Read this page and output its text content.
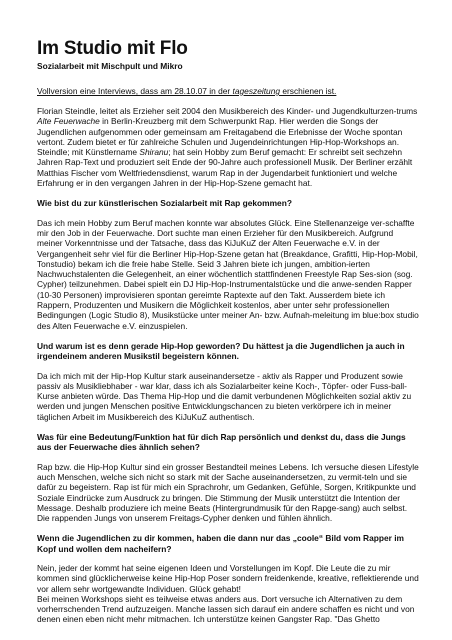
Im Studio mit Flo
Sozialarbeit mit Mischpult und Mikro
Vollversion eine Interviews, dass am 28.10.07 in der tageszeitung erschienen ist.

Florian Steindle, leitet als Erzieher seit 2004 den Musikbereich des Kinder- und Jugendkulturzen-trums Alte Feuerwache in Berlin-Kreuzberg mit dem Schwerpunkt Rap. Hier werden die Songs der Jugendlichen aufgenommen oder gemeinsam am Freitagabend die Erlebnisse der Woche spontan vertont. Zudem bietet er für zahlreiche Schulen und Jugendeinrichtungen Hip-Hop-Workshops an. Steindle; mit Künstlername Shiranu; hat sein Hobby zum Beruf gemacht: Er schreibt seit sechzehn Jahren Rap-Text und produziert seit Ende der 90-Jahre auch professionell Musik. Der Berliner erzählt Matthias Fischer vom Weltfriedensdienst, warum Rap in der Jugendarbeit funktioniert und welche Erfahrung er in den vergangen Jahren in der Hip-Hop-Szene gemacht hat.

Wie bist du zur künstlerischen Sozialarbeit mit Rap gekommen?

Das ich mein Hobby zum Beruf machen konnte war absolutes Glück. Eine Stellenanzeige ver-schaffte mir den Job in der Feuerwache. Dort suchte man einen Erzieher für den Musikbereich. Aufgrund meiner Vorkenntnisse und der Tatsache, dass das KiJuKuZ der Alten Feuerwache e.V. in der Vergangenheit sehr viel für die Berliner Hip-Hop-Szene getan hat (Breakdance, Grafitti, Hip-Hop-Mobil, Tonstudio) bekam ich die freie habe Stelle. Seid 3 Jahren biete ich jungen, ambition-ierten Nachwuchstalenten die Gelegenheit, an einer wöchentlich stattfindenen Freestyle Rap Ses-sion (sog. Cypher) teilzunehmen. Dabei spielt ein DJ Hip-Hop-Instrumentalstücke und die anwe-senden Rapper (10-30 Personen) improvisieren spontan gereimte Raptexte auf den Takt. Ausserdem biete ich Rappern, Produzenten und Musikern die Möglichkeit kostenlos, aber unter sehr professionellen Bedingungen (Logic Studio 8), Musikstücke unter meiner An- bzw. Aufnah-meleitung im blue:box studio des Alten Feuerwache e.V. einzuspielen.

Und warum ist es denn gerade Hip-Hop geworden? Du hättest ja die Jugendlichen ja auch in irgendeinem anderen Musikstil begeistern können.

Da ich mich mit der Hip-Hop Kultur stark auseinandersetze - aktiv als Rapper und Produzent sowie passiv als Musikliebhaber - war klar, dass ich als Sozialarbeiter keine Koch-, Töpfer- oder Fuss-ball-Kurse anbieten würde. Das Thema Hip-Hop und die damit verbundenen Möglichkeiten sozial aktiv zu werden und jungen Menschen positive Entwicklungschancen zu bieten verkörpere ich in meiner täglichen Arbeit im Musikbereich des KiJuKuZ authentisch.

Was für eine Bedeutung/Funktion hat für dich Rap persönlich und denkst du, dass die Jungs aus der Feuerwache dies ähnlich sehen?

Rap bzw. die Hip-Hop Kultur sind ein grosser Bestandteil meines Lebens. Ich versuche diesen Lifestyle auch Menschen, welche sich nicht so stark mit der Sache auseinandersetzen, zu vermit-teln und sie dafür zu begeistern. Rap ist für mich ein Sprachrohr, um Gedanken, Gefühle, Sorgen, Kritikpunkte und Soziale Eindrücke zum Ausdruck zu bringen. Die Stimmung der Musik unterstützt die Intention der Message. Deshalb produziere ich meine Beats (Hintergrundmusik für den Rapge-sang) auch selbst. Die rappenden Jungs von unserem Freitags-Cypher denken und fühlen ähnlich.

Wenn die Jugendlichen zu dir kommen, haben die dann nur das „coole“ Bild vom Rapper im Kopf und wollen dem nacheifern?

Nein, jeder der kommt hat seine eigenen Ideen und Vorstellungen im Kopf. Die Leute die zu mir kommen sind glücklicherweise keine Hip-Hop Poser sondern freidenkende, kreative, reflektierende und vor allem sehr wortgewandte Individuen. Glück gehabt!

Bei meinen Workshops sieht es teilweise etwas anders aus. Dort versuche ich Alternativen zu dem vorherrschenden Trend aufzuzeigen. Manche lassen sich darauf ein andere schaffen es nicht und von denen einen eben nicht mehr mitmachen. Ich unterstütze keinen Gangster Rap. "Das Ghetto
